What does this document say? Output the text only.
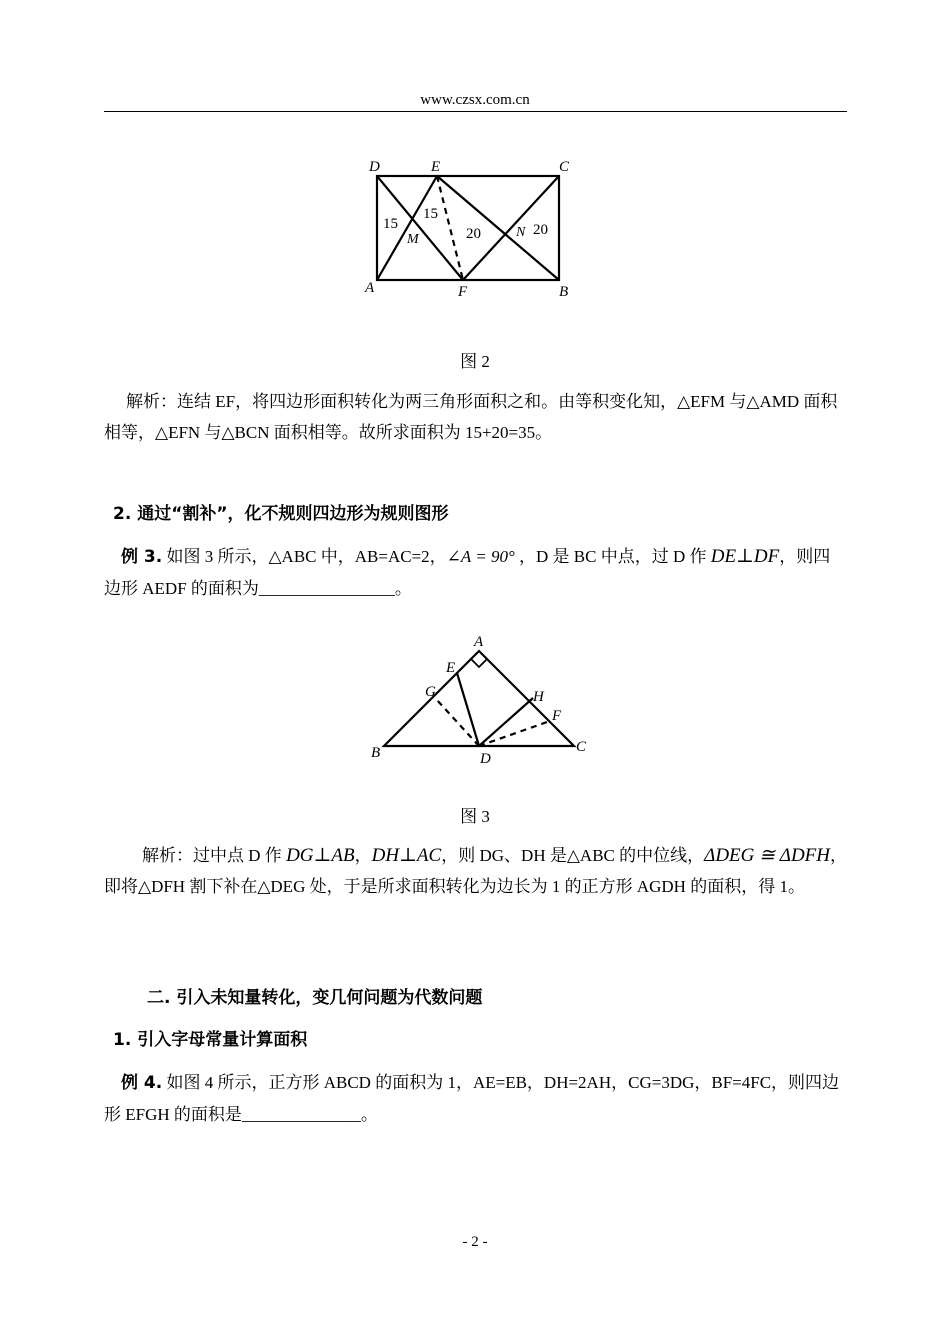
www.czsx.com.cn
D	E	C
A	F	B
M	N
15
15
20	20
图 2
解析：连结 EF，将四边形面积转化为两三角形面积之和。由等积变化知，△EFM 与△AMD 面积相等，△EFN 与△BCN 面积相等。故所求面积为 15+20=35。
2. 通过“割补”，化不规则四边形为规则图形
例 3. 如图 3 所示，△ABC 中，AB=AC=2，∠A = 90° ，D 是 BC 中点，过 D 作 DE⊥DF，则四边形 AEDF 的面积为________________。
A
E
G	H
F
B	D
C
图 3
解析：过中点 D 作 DG⊥AB，DH⊥AC，则 DG、DH 是△ABC 的中位线，ΔDEG ≅ ΔDFH，即将△DFH 割下补在△DEG 处，于是所求面积转化为边长为 1 的正方形 AGDH 的面积，得 1。
二. 引入未知量转化，变几何问题为代数问题
1. 引入字母常量计算面积
例 4. 如图 4 所示，正方形 ABCD 的面积为 1，AE=EB，DH=2AH，CG=3DG，BF=4FC，则四边形 EFGH 的面积是______________。
- 2 -
